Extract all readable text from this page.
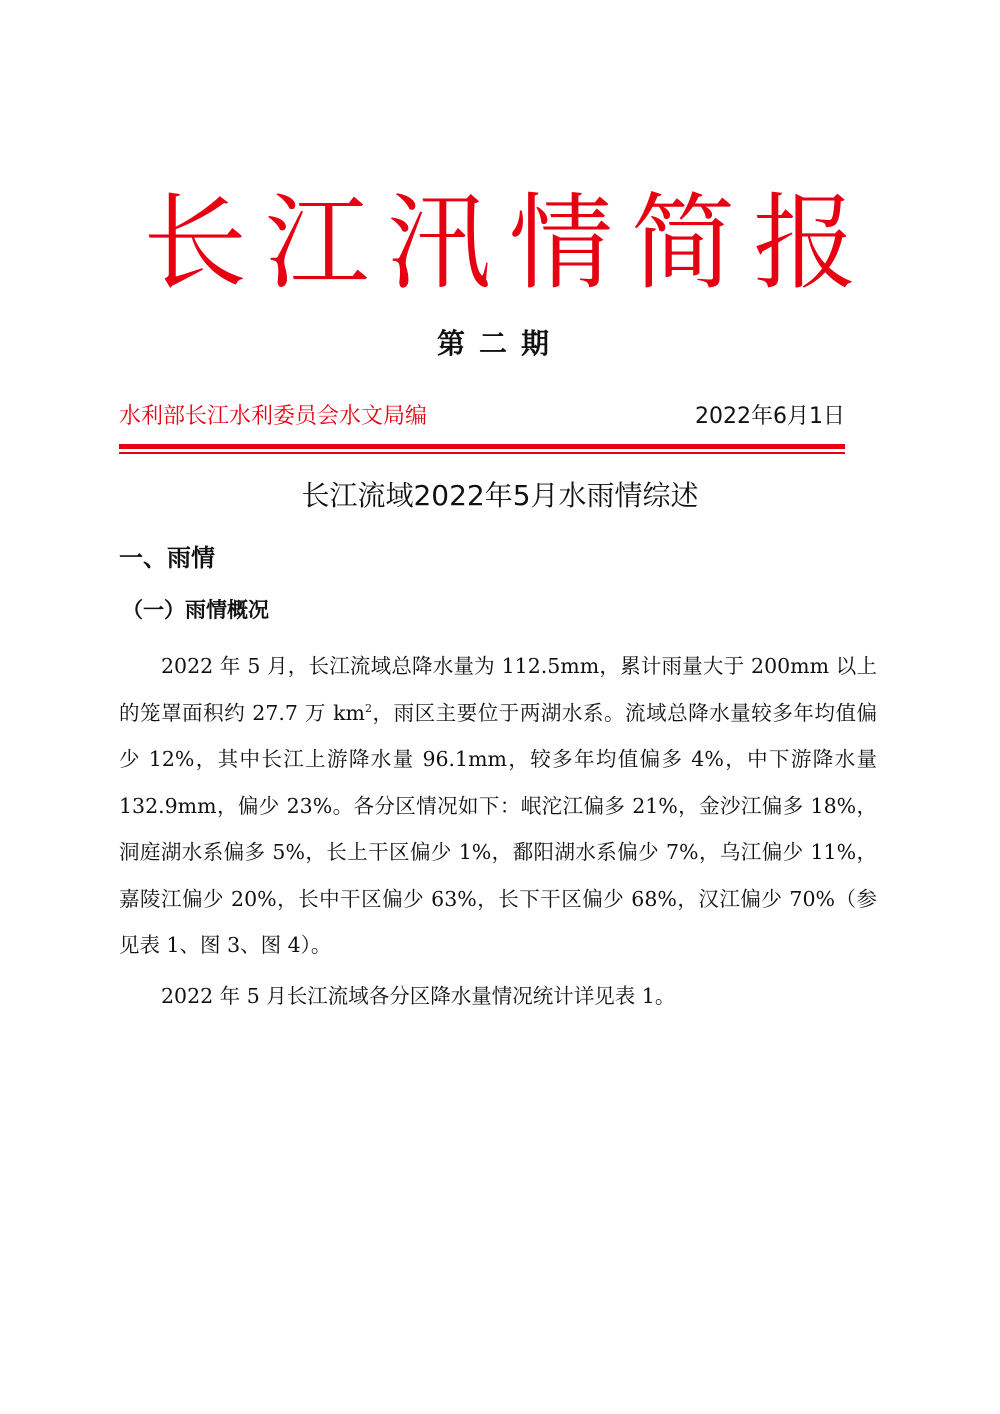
长江汛情简报
第二期
水利部长江水利委员会水文局编	2022年6月1日
长江流域2022年5月水雨情综述
一、雨情
（一）雨情概况

2022 年 5 月，长江流域总降水量为 112.5mm，累计雨量大于 200mm 以上的笼罩面积约 27.7 万 $km^2$，雨区主要位于两湖水系。流域总降水量较多年均值偏少 12%，其中长江上游降水量 96.1mm，较多年均值偏多 4%，中下游降水量 132.9mm，偏少 23%。各分区情况如下：岷沱江偏多 21%，金沙江偏多 18%，洞庭湖水系偏多 5%，长上干区偏少 1%，鄱阳湖水系偏少 7%，乌江偏少 11%，嘉陵江偏少 20%，长中干区偏少 63%，长下干区偏少 68%，汉江偏少 70%（参见表 1、图 3、图 4）。

2022 年 5 月长江流域各分区降水量情况统计详见表 1。
